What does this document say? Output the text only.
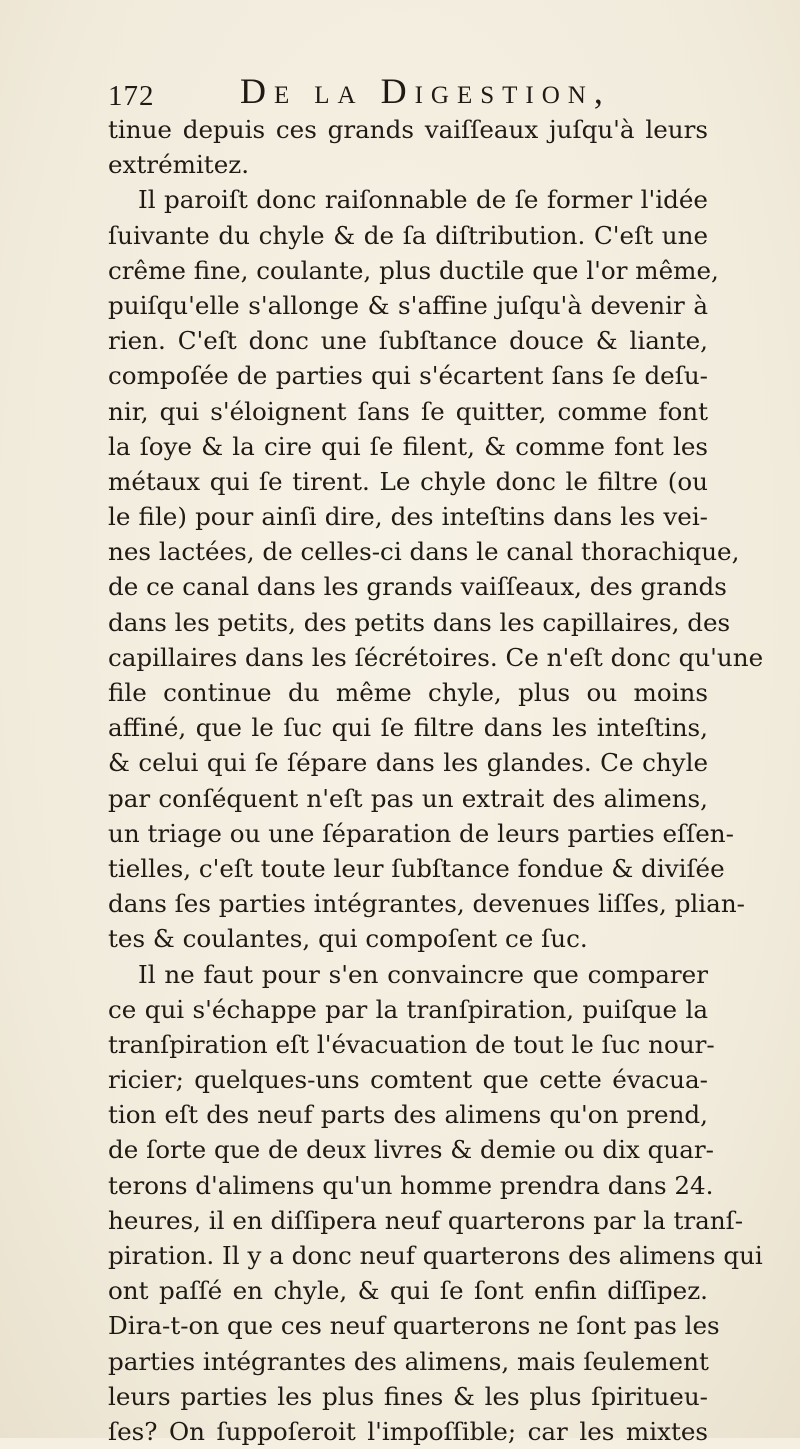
172 De la Digestion,
tinue depuis ces grands vaiſſeaux juſqu'à leurs
extrémitez.
Il paroiſt donc raiſonnable de ſe former l'idée
ſuivante du chyle & de ſa diſtribution. C'eſt une
crême fine, coulante, plus ductile que l'or même,
puiſqu'elle s'allonge & s'affine juſqu'à devenir à
rien. C'eſt donc une ſubſtance douce & liante,
compoſée de parties qui s'écartent ſans ſe deſu-
nir, qui s'éloignent ſans ſe quitter, comme font
la ſoye & la cire qui ſe filent, & comme font les
métaux qui ſe tirent. Le chyle donc le filtre (ou
le file) pour ainſi dire, des inteſtins dans les vei-
nes lactées, de celles-ci dans le canal thorachique,
de ce canal dans les grands vaiſſeaux, des grands
dans les petits, des petits dans les capillaires, des
capillaires dans les ſécrétoires. Ce n'eſt donc qu'une
file continue du même chyle, plus ou moins
affiné, que le ſuc qui ſe filtre dans les inteſtins,
& celui qui ſe ſépare dans les glandes. Ce chyle
par conſéquent n'eſt pas un extrait des alimens,
un triage ou une ſéparation de leurs parties eſſen-
tielles, c'eſt toute leur ſubſtance fondue & diviſée
dans ſes parties intégrantes, devenues liſſes, plian-
tes & coulantes, qui compoſent ce ſuc.
Il ne faut pour s'en convaincre que comparer
ce qui s'échappe par la tranſpiration, puiſque la
tranſpiration eſt l'évacuation de tout le ſuc nour-
ricier; quelques-uns comtent que cette évacua-
tion eſt des neuf parts des alimens qu'on prend,
de ſorte que de deux livres & demie ou dix quar-
terons d'alimens qu'un homme prendra dans 24.
heures, il en diſſipera neuf quarterons par la tranſ-
piration. Il y a donc neuf quarterons des alimens qui
ont paſſé en chyle, & qui ſe ſont enfin diſſipez.
Dira-t-on que ces neuf quarterons ne ſont pas les
parties intégrantes des alimens, mais ſeulement
leurs parties les plus fines & les plus ſpiritueu-
ſes? On ſuppoſeroit l'impoſſible; car les mixtes
